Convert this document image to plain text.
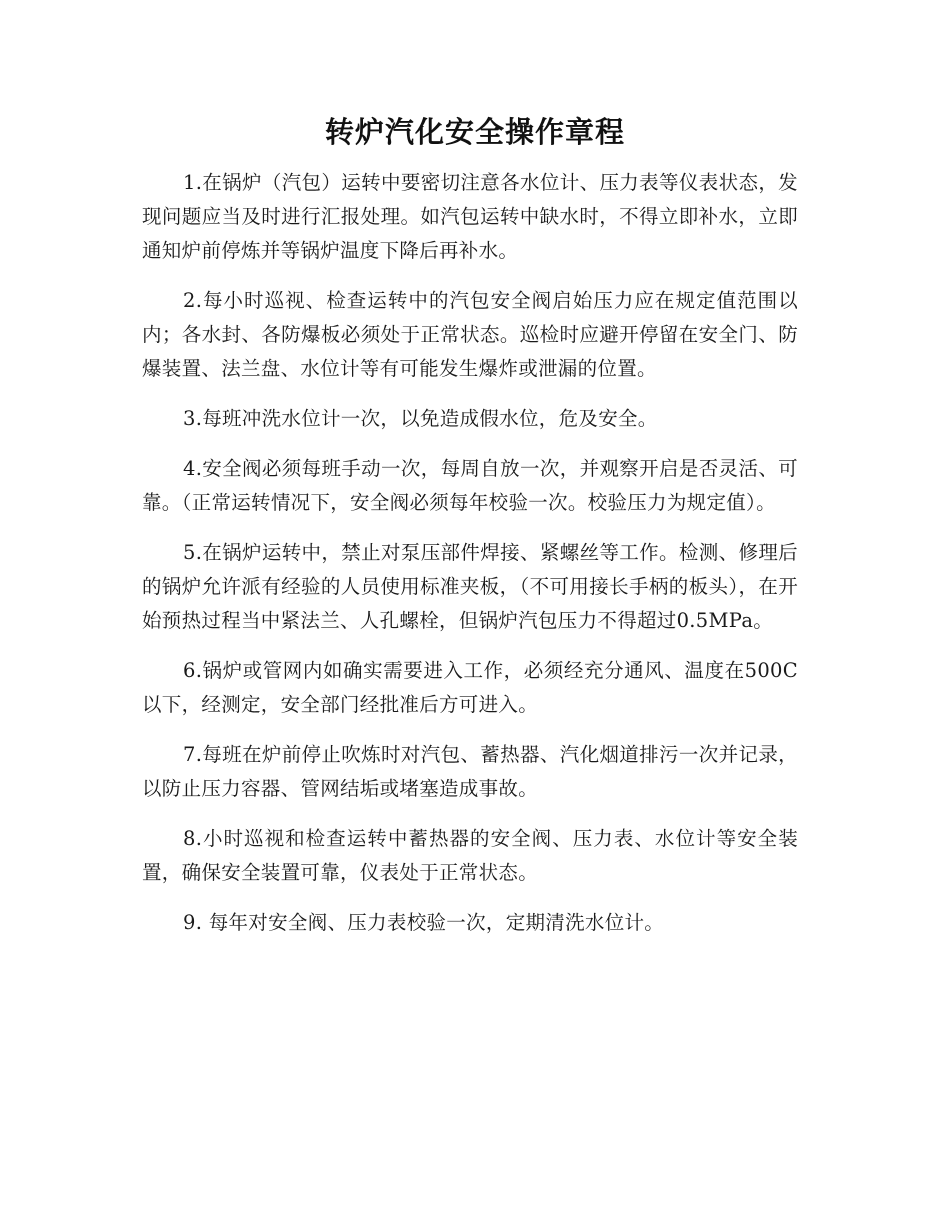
转炉汽化安全操作章程

1.在锅炉（汽包）运转中要密切注意各水位计、压力表等仪表状态，发现问题应当及时进行汇报处理。如汽包运转中缺水时，不得立即补水，立即通知炉前停炼并等锅炉温度下降后再补水。

2.每小时巡视、检查运转中的汽包安全阀启始压力应在规定值范围以内；各水封、各防爆板必须处于正常状态。巡检时应避开停留在安全门、防爆装置、法兰盘、水位计等有可能发生爆炸或泄漏的位置。

3.每班冲洗水位计一次，以免造成假水位，危及安全。

4.安全阀必须每班手动一次，每周自放一次，并观察开启是否灵活、可靠。（正常运转情况下，安全阀必须每年校验一次。校验压力为规定值）。

5.在锅炉运转中，禁止对泵压部件焊接、紧螺丝等工作。检测、修理后的锅炉允许派有经验的人员使用标准夹板，（不可用接长手柄的板头），在开始预热过程当中紧法兰、人孔螺栓，但锅炉汽包压力不得超过0.5MPa。

6.锅炉或管网内如确实需要进入工作，必须经充分通风、温度在500C以下，经测定，安全部门经批准后方可进入。

7.每班在炉前停止吹炼时对汽包、蓄热器、汽化烟道排污一次并记录，以防止压力容器、管网结垢或堵塞造成事故。

8.小时巡视和检查运转中蓄热器的安全阀、压力表、水位计等安全装置，确保安全装置可靠，仪表处于正常状态。

9. 每年对安全阀、压力表校验一次，定期清洗水位计。
